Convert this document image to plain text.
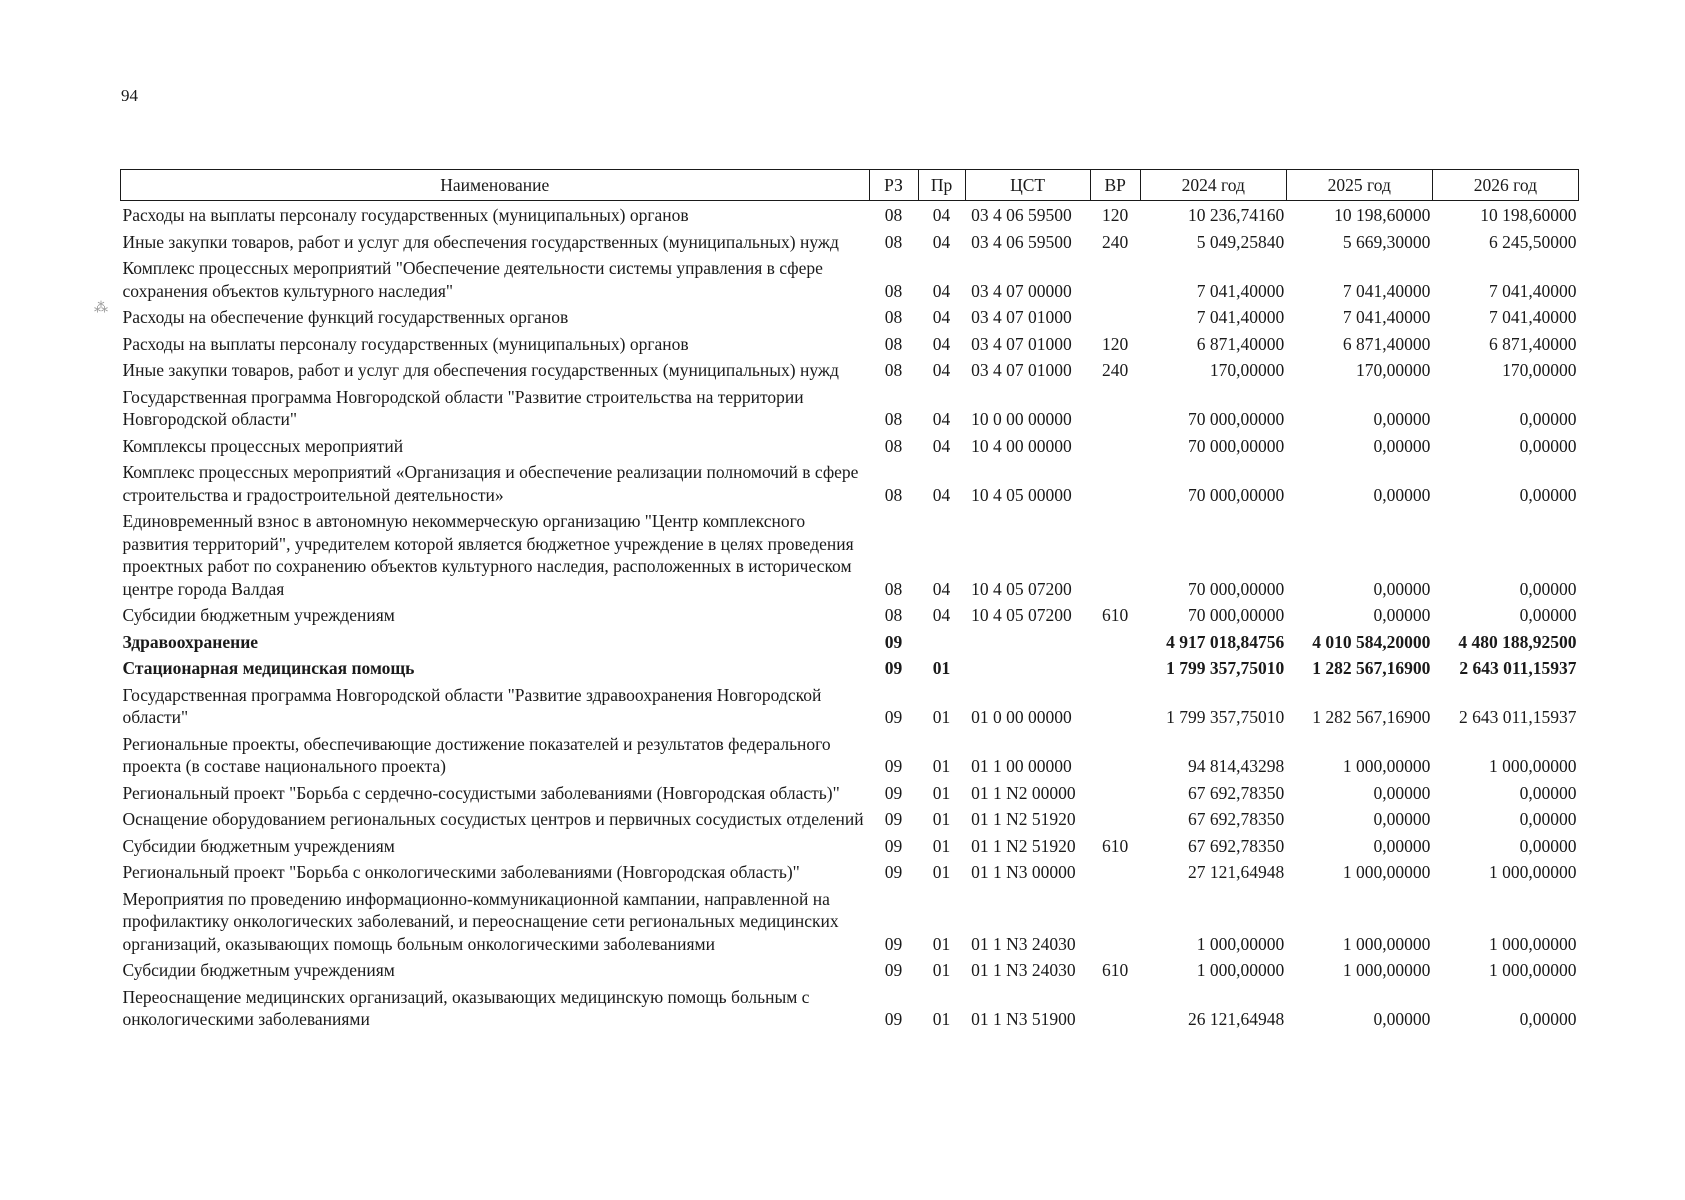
94
⁂
Наименование	РЗ	Пр	ЦСТ	ВР	2024 год	2025 год	2026 год
Расходы на выплаты персоналу государственных (муниципальных) органов	08	04	03 4 06 59500	120	10 236,74160	10 198,60000	10 198,60000
Иные закупки товаров, работ и услуг для обеспечения государственных (муниципальных) нужд	08	04	03 4 06 59500	240	5 049,25840	5 669,30000	6 245,50000
Комплекс процессных мероприятий "Обеспечение деятельности системы управления в сфере сохранения объектов культурного наследия"	08	04	03 4 07 00000		7 041,40000	7 041,40000	7 041,40000
Расходы на обеспечение функций государственных органов	08	04	03 4 07 01000		7 041,40000	7 041,40000	7 041,40000
Расходы на выплаты персоналу государственных (муниципальных) органов	08	04	03 4 07 01000	120	6 871,40000	6 871,40000	6 871,40000
Иные закупки товаров, работ и услуг для обеспечения государственных (муниципальных) нужд	08	04	03 4 07 01000	240	170,00000	170,00000	170,00000
Государственная программа Новгородской области "Развитие строительства на территории Новгородской области"	08	04	10 0 00 00000		70 000,00000	0,00000	0,00000
Комплексы процессных мероприятий	08	04	10 4 00 00000		70 000,00000	0,00000	0,00000
Комплекс процессных мероприятий «Организация и обеспечение реализации полномочий в сфере строительства и градостроительной деятельности»	08	04	10 4 05 00000		70 000,00000	0,00000	0,00000
Единовременный взнос в автономную некоммерческую организацию "Центр комплексного развития территорий", учредителем которой является бюджетное учреждение в целях проведения проектных работ по сохранению объектов культурного наследия, расположенных в историческом центре города Валдая	08	04	10 4 05 07200		70 000,00000	0,00000	0,00000
Субсидии бюджетным учреждениям	08	04	10 4 05 07200	610	70 000,00000	0,00000	0,00000
Здравоохранение	09				4 917 018,84756	4 010 584,20000	4 480 188,92500
Стационарная медицинская помощь	09	01			1 799 357,75010	1 282 567,16900	2 643 011,15937
Государственная программа Новгородской области "Развитие здравоохранения Новгородской области"	09	01	01 0 00 00000		1 799 357,75010	1 282 567,16900	2 643 011,15937
Региональные проекты, обеспечивающие достижение показателей и результатов федерального проекта (в составе национального проекта)	09	01	01 1 00 00000		94 814,43298	1 000,00000	1 000,00000
Региональный проект "Борьба с сердечно-сосудистыми заболеваниями (Новгородская область)"	09	01	01 1 N2 00000		67 692,78350	0,00000	0,00000
Оснащение оборудованием региональных сосудистых центров и первичных сосудистых отделений	09	01	01 1 N2 51920		67 692,78350	0,00000	0,00000
Субсидии бюджетным учреждениям	09	01	01 1 N2 51920	610	67 692,78350	0,00000	0,00000
Региональный проект "Борьба с онкологическими заболеваниями (Новгородская область)"	09	01	01 1 N3 00000		27 121,64948	1 000,00000	1 000,00000
Мероприятия по проведению информационно-коммуникационной кампании, направленной на профилактику онкологических заболеваний, и переоснащение сети региональных медицинских организаций, оказывающих помощь больным онкологическими заболеваниями	09	01	01 1 N3 24030		1 000,00000	1 000,00000	1 000,00000
Субсидии бюджетным учреждениям	09	01	01 1 N3 24030	610	1 000,00000	1 000,00000	1 000,00000
Переоснащение медицинских организаций, оказывающих медицинскую помощь больным с онкологическими заболеваниями	09	01	01 1 N3 51900		26 121,64948	0,00000	0,00000
